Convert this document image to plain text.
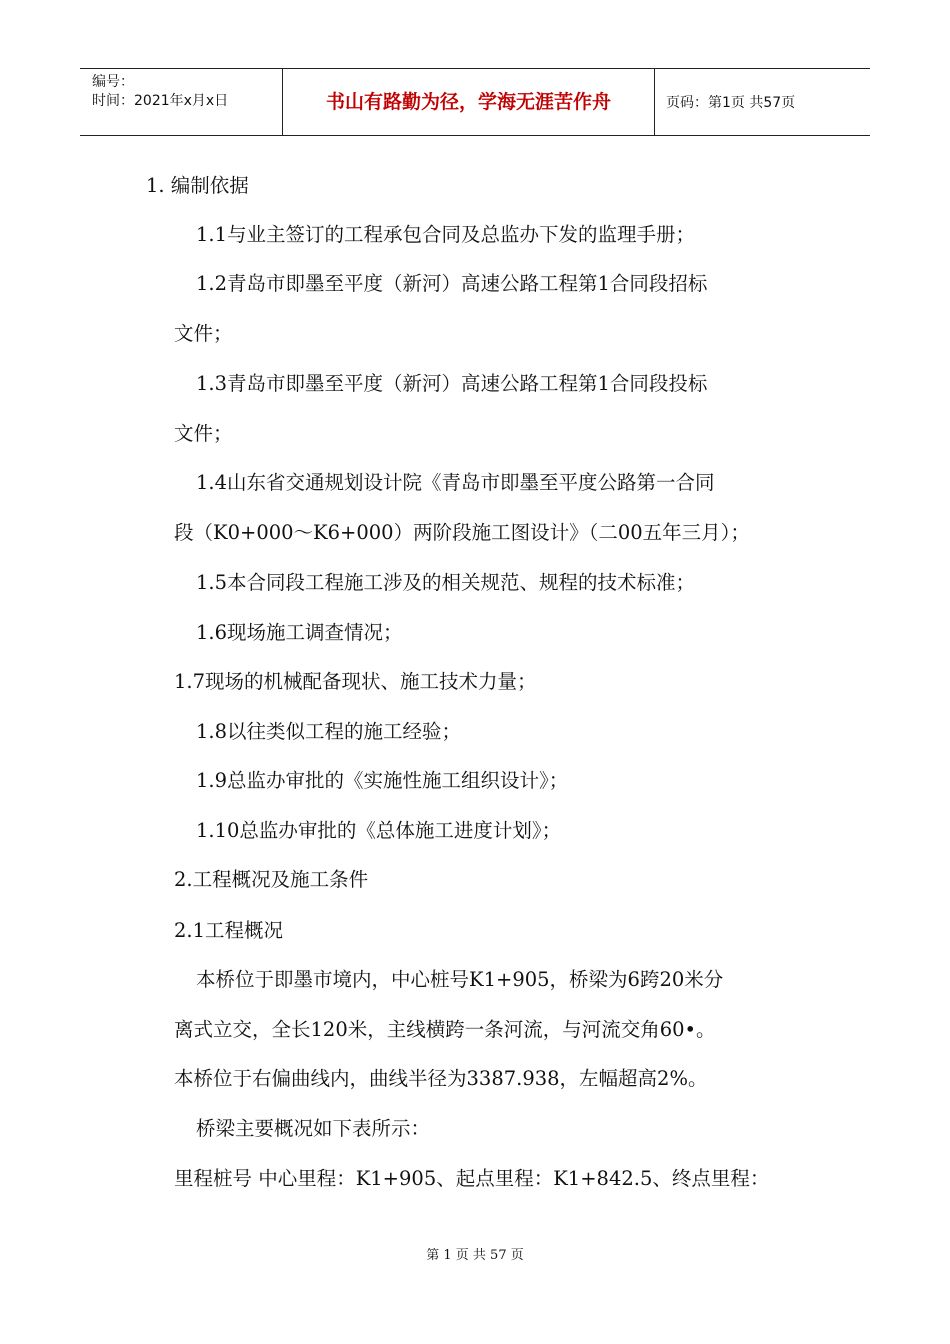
编号：
时间：2021年x月x日	书山有路勤为径，学海无涯苦作舟	页码：第1页 共57页
1. 编制依据
1.1与业主签订的工程承包合同及总监办下发的监理手册；
1.2青岛市即墨至平度（新河）高速公路工程第1合同段招标
文件；
1.3青岛市即墨至平度（新河）高速公路工程第1合同段投标
文件；
1.4山东省交通规划设计院《青岛市即墨至平度公路第一合同
段（K0+000～K6+000）两阶段施工图设计》（二00五年三月）；
1.5本合同段工程施工涉及的相关规范、规程的技术标准；
1.6现场施工调查情况；
1.7现场的机械配备现状、施工技术力量；
1.8以往类似工程的施工经验；
1.9总监办审批的《实施性施工组织设计》；
1.10总监办审批的《总体施工进度计划》；
2.工程概况及施工条件
2.1工程概况
本桥位于即墨市境内，中心桩号K1+905，桥梁为6跨20米分
离式立交，全长120米，主线横跨一条河流，与河流交角60•。
本桥位于右偏曲线内，曲线半径为3387.938，左幅超高2%。
桥梁主要概况如下表所示：
里程桩号 中心里程：K1+905、起点里程：K1+842.5、终点里程：
第 1 页 共 57 页
